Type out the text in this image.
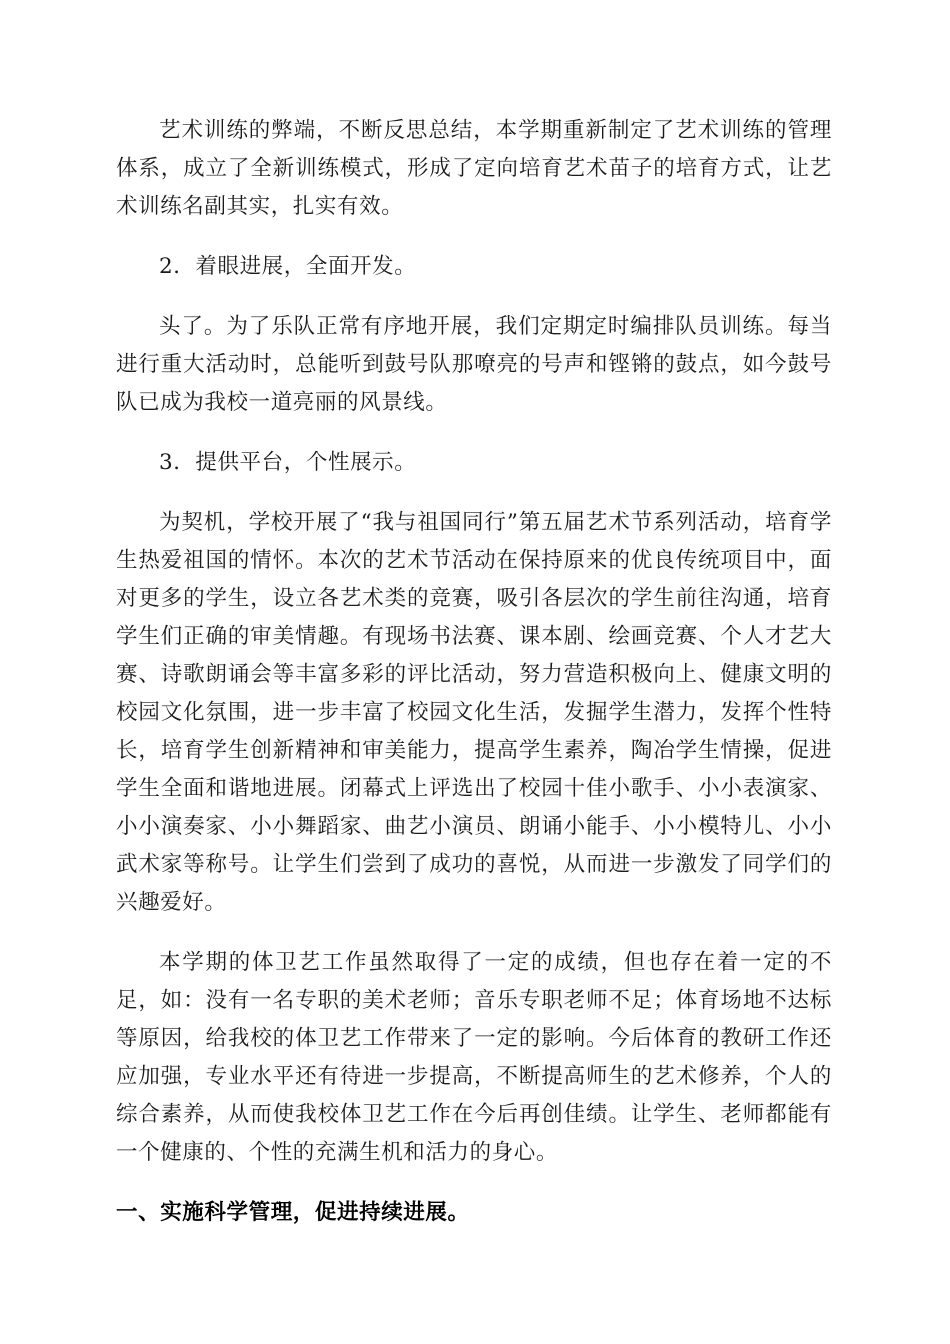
艺术训练的弊端，不断反思总结，本学期重新制定了艺术训练的管理体系，成立了全新训练模式，形成了定向培育艺术苗子的培育方式，让艺术训练名副其实，扎实有效。

2．着眼进展，全面开发。

头了。为了乐队正常有序地开展，我们定期定时编排队员训练。每当进行重大活动时，总能听到鼓号队那嘹亮的号声和铿锵的鼓点，如今鼓号队已成为我校一道亮丽的风景线。

3．提供平台，个性展示。

为契机，学校开展了“我与祖国同行”第五届艺术节系列活动，培育学生热爱祖国的情怀。本次的艺术节活动在保持原来的优良传统项目中，面对更多的学生，设立各艺术类的竞赛，吸引各层次的学生前往沟通，培育学生们正确的审美情趣。有现场书法赛、课本剧、绘画竞赛、个人才艺大赛、诗歌朗诵会等丰富多彩的评比活动，努力营造积极向上、健康文明的校园文化氛围，进一步丰富了校园文化生活，发掘学生潜力，发挥个性特长，培育学生创新精神和审美能力，提高学生素养，陶冶学生情操，促进学生全面和谐地进展。闭幕式上评选出了校园十佳小歌手、小小表演家、小小演奏家、小小舞蹈家、曲艺小演员、朗诵小能手、小小模特儿、小小武术家等称号。让学生们尝到了成功的喜悦，从而进一步激发了同学们的兴趣爱好。

本学期的体卫艺工作虽然取得了一定的成绩，但也存在着一定的不足，如：没有一名专职的美术老师；音乐专职老师不足；体育场地不达标等原因，给我校的体卫艺工作带来了一定的影响。今后体育的教研工作还应加强，专业水平还有待进一步提高，不断提高师生的艺术修养，个人的综合素养，从而使我校体卫艺工作在今后再创佳绩。让学生、老师都能有一个健康的、个性的充满生机和活力的身心。

一、实施科学管理，促进持续进展。
